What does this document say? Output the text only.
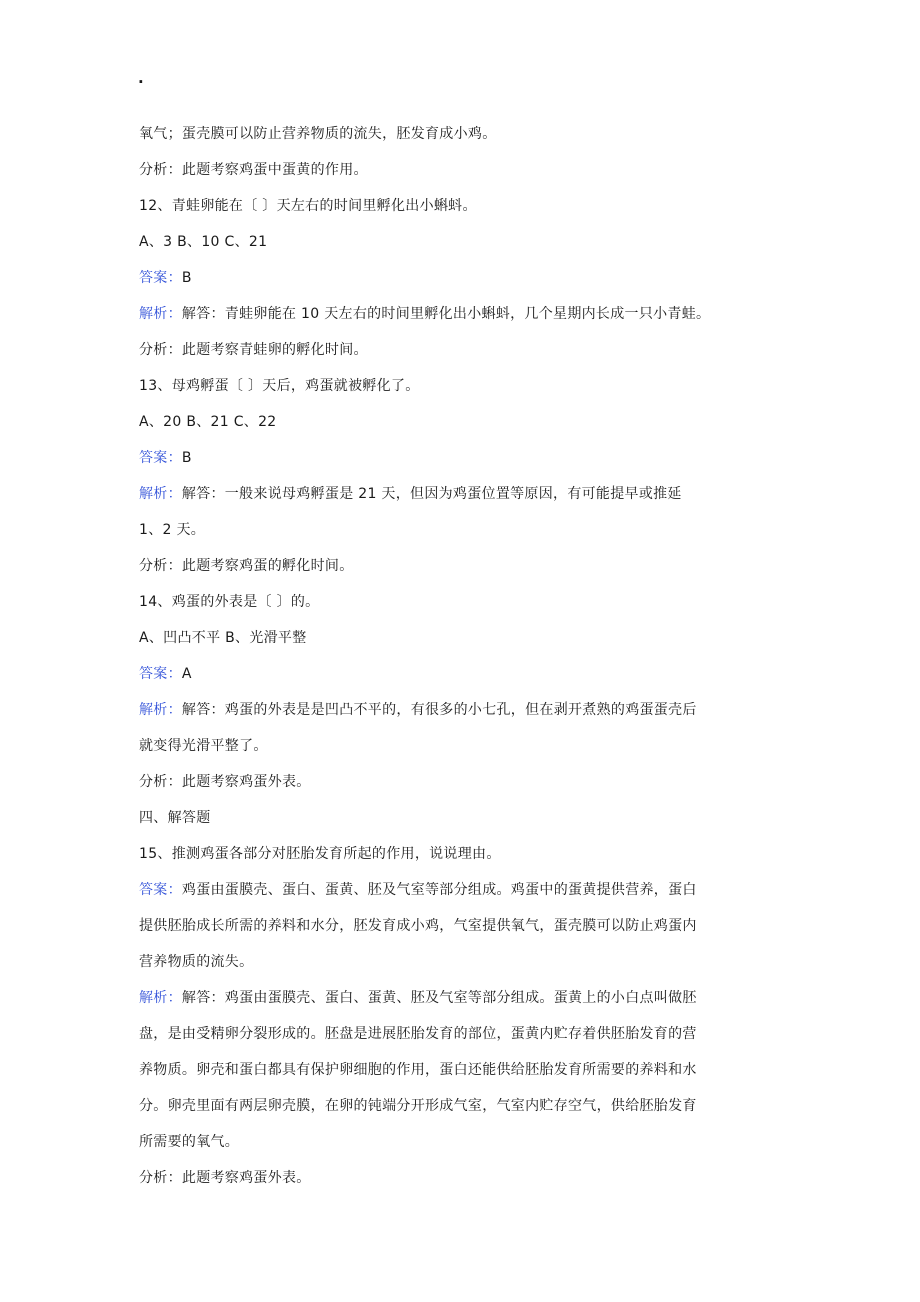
·
氧气；蛋壳膜可以防止营养物质的流失，胚发育成小鸡。
分析：此题考察鸡蛋中蛋黄的作用。
12、青蛙卵能在〔 〕天左右的时间里孵化出小蝌蚪。
A、3 B、10 C、21
答案：B
解析：解答：青蛙卵能在 10 天左右的时间里孵化出小蝌蚪，几个星期内长成一只小青蛙。
分析：此题考察青蛙卵的孵化时间。
13、母鸡孵蛋〔 〕天后，鸡蛋就被孵化了。
A、20 B、21 C、22
答案：B
解析：解答：一般来说母鸡孵蛋是 21 天，但因为鸡蛋位置等原因，有可能提早或推延
1、2 天。
分析：此题考察鸡蛋的孵化时间。
14、鸡蛋的外表是〔 〕的。
A、凹凸不平 B、光滑平整
答案：A
解析：解答：鸡蛋的外表是是凹凸不平的，有很多的小七孔，但在剥开煮熟的鸡蛋蛋壳后
就变得光滑平整了。
分析：此题考察鸡蛋外表。
四、解答题
15、推测鸡蛋各部分对胚胎发育所起的作用，说说理由。
答案：鸡蛋由蛋膜壳、蛋白、蛋黄、胚及气室等部分组成。鸡蛋中的蛋黄提供营养，蛋白
提供胚胎成长所需的养料和水分，胚发育成小鸡，气室提供氧气，蛋壳膜可以防止鸡蛋内
营养物质的流失。
解析：解答：鸡蛋由蛋膜壳、蛋白、蛋黄、胚及气室等部分组成。蛋黄上的小白点叫做胚
盘，是由受精卵分裂形成的。胚盘是进展胚胎发育的部位，蛋黄内贮存着供胚胎发育的营
养物质。卵壳和蛋白都具有保护卵细胞的作用，蛋白还能供给胚胎发育所需要的养料和水
分。卵壳里面有两层卵壳膜，在卵的钝端分开形成气室，气室内贮存空气，供给胚胎发育
所需要的氧气。
分析：此题考察鸡蛋外表。
